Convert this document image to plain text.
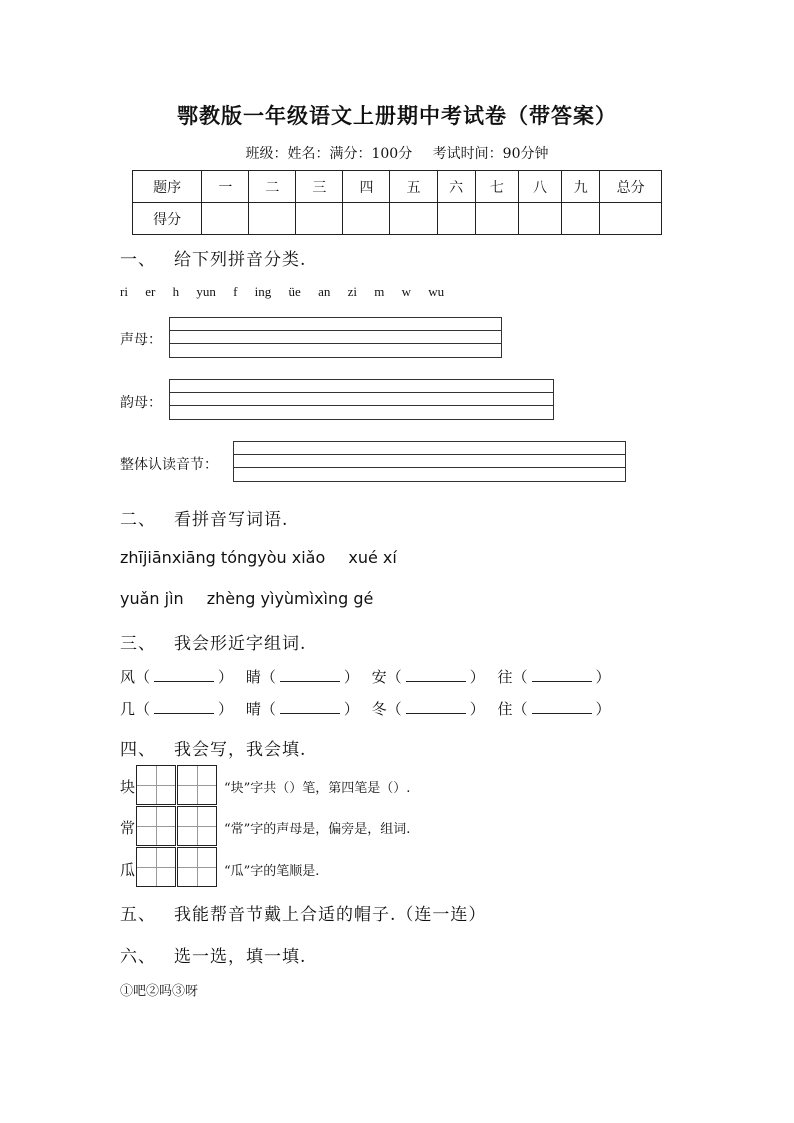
鄂教版一年级语文上册期中考试卷（带答案）
班级：姓名：满分：100分 考试时间：90分钟
题序	一	二	三	四	五	六	七	八	九	总分
得分										
一、 给下列拼音分类.
ri er h yun f ing üe an zi m w wu
声母：
韵母：
整体认读音节：
二、 看拼音写词语.
zhījiānxiāng tóngyòu xiǎo xué xí
yuǎn jìn zhèng yìyùmìxìng gé
三、 我会形近字组词.
风（	） 睛（	） 安（	） 往（	）
几（	） 晴（	） 冬（	） 住（	）
四、 我会写，我会填.
块	“块”字共（）笔，第四笔是（）.
常	“常”字的声母是，偏旁是，组词.
瓜	“瓜”字的笔顺是.
五、 我能帮音节戴上合适的帽子.（连一连）
六、 选一选，填一填.
①吧②吗③呀
